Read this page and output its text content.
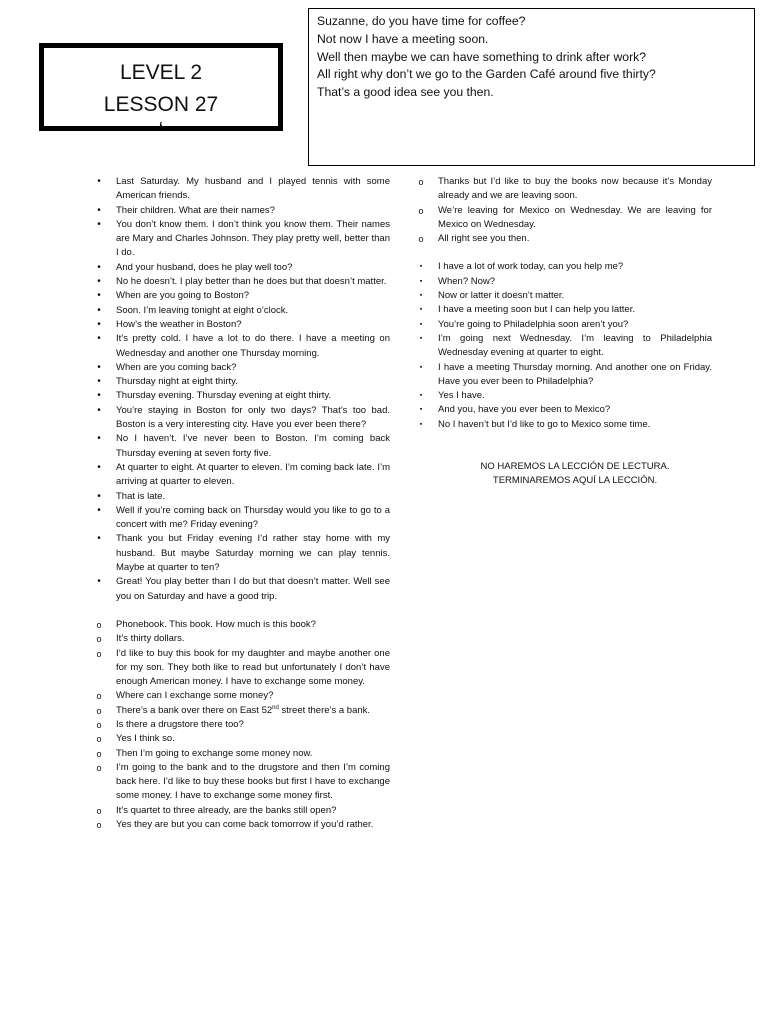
LEVEL 2
LESSON 27
ʻ
Suzanne, do you have time for coffee?
Not now I have a meeting soon.
Well then maybe we can have something to drink after work?
All right why don’t we go to the Garden Café around five thirty?
That’s a good idea see you then.
•	Last Saturday. My husband and I played tennis with some American friends.
•	Their children. What are their names?
•	You don’t know them. I don’t think you know them. Their names are Mary and Charles Johnson. They play pretty well, better than I do.
•	And your husband, does he play well too?
•	No he doesn’t. I play better than he does but that doesn’t matter.
•	When are you going to Boston?
•	Soon. I’m leaving tonight at eight o’clock.
•	How’s the weather in Boston?
•	It’s pretty cold. I have a lot to do there. I have a meeting on Wednesday and another one Thursday morning.
•	When are you coming back?
•	Thursday night at eight thirty.
•	Thursday evening. Thursday evening at eight thirty.
•	You’re staying in Boston for only two days? That’s too bad. Boston is a very interesting city. Have you ever been there?
•	No I haven’t. I’ve never been to Boston. I’m coming back Thursday evening at seven forty five.
•	At quarter to eight. At quarter to eleven. I’m coming back late. I’m arriving at quarter to eleven.
•	That is late.
•	Well if you’re coming back on Thursday would you like to go to a concert with me? Friday evening?
•	Thank you but Friday evening I’d rather stay home with my husband. But maybe Saturday morning we can play tennis. Maybe at quarter to ten?
•	Great! You play better than I do but that doesn’t matter. Well see you on Saturday and have a good trip.
o	Phonebook. This book. How much is this book?
o	It’s thirty dollars.
o	I’d like to buy this book for my daughter and maybe another one for my son. They both like to read but unfortunately I don’t have enough American money. I have to exchange some money.
o	Where can I exchange some money?
o	There’s a bank over there on East 52nd street there’s a bank.
o	Is there a drugstore there too?
o	Yes I think so.
o	Then I’m going to exchange some money now.
o	I’m going to the bank and to the drugstore and then I’m coming back here. I’d like to buy these books but first I have to exchange some money. I have to exchange some money first.
o	It’s quartet to three already, are the banks still open?
o	Yes they are but you can come back tomorrow if you’d rather.
o	Thanks but I’d like to buy the books now because it’s Monday already and we are leaving soon.
o	We’re leaving for Mexico on Wednesday. We are leaving for Mexico on Wednesday.
o	All right see you then.
▪	I have a lot of work today, can you help me?
▪	When? Now?
▪	Now or latter it doesn’t matter.
▪	I have a meeting soon but I can help you latter.
▪	You’re going to Philadelphia soon aren’t you?
▪	I’m going next Wednesday. I’m leaving to Philadelphia Wednesday evening at quarter to eight.
▪	I have a meeting Thursday morning. And another one on Friday. Have you ever been to Philadelphia?
▪	Yes I have.
▪	And you, have you ever been to Mexico?
▪	No I haven’t but I’d like to go to Mexico some time.
NO HAREMOS LA LECCIÓN DE LECTURA.
TERMINAREMOS AQUÍ LA LECCIÓN.
